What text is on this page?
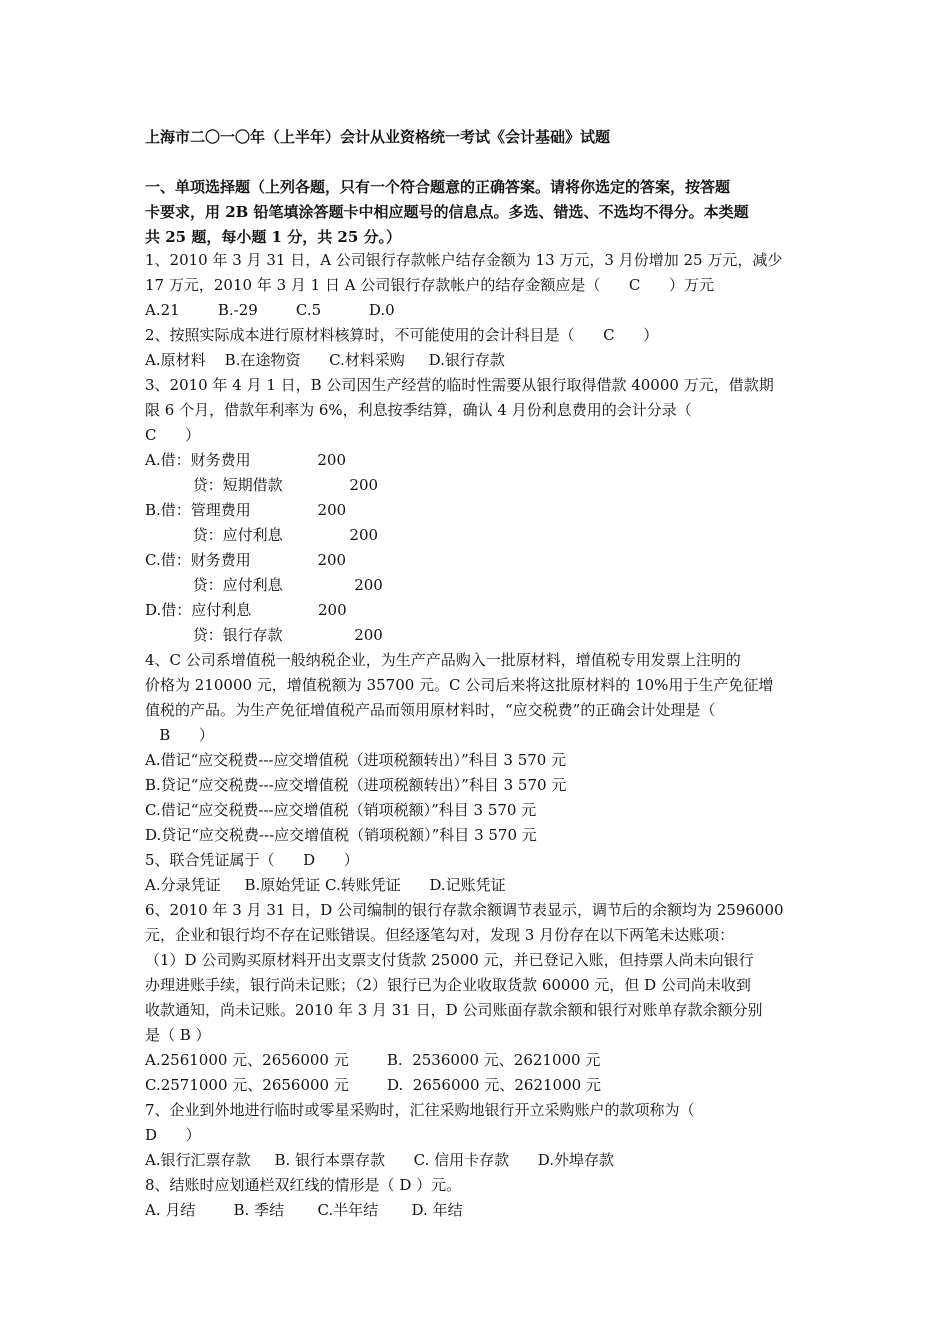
上海市二〇一〇年（上半年）会计从业资格统一考试《会计基础》试题
一、单项选择题（上列各题，只有一个符合题意的正确答案。请将你选定的答案，按答题
卡要求，用 2B 铅笔填涂答题卡中相应题号的信息点。多选、错选、不选均不得分。本类题
共 25 题，每小题 1 分，共 25 分。）
1、2010 年 3 月 31 日，A 公司银行存款帐户结存金额为 13 万元，3 月份增加 25 万元，减少
17 万元，2010 年 3 月 1 日 A 公司银行存款帐户的结存金额应是（      C      ）万元
A.21        B.-29        C.5          D.0
2、按照实际成本进行原材料核算时，不可能使用的会计科目是（      C      ）
A.原材料    B.在途物资      C.材料采购     D.银行存款
3、2010 年 4 月 1 日，B 公司因生产经营的临时性需要从银行取得借款 40000 万元，借款期
限 6 个月，借款年利率为 6%，利息按季结算，确认 4 月份利息费用的会计分录（
C      ）
A.借：财务费用              200
贷：短期借款              200
B.借：管理费用              200
贷：应付利息              200
C.借：财务费用              200
贷：应付利息               200
D.借：应付利息              200
贷：银行存款               200
4、C 公司系增值税一般纳税企业，为生产产品购入一批原材料，增值税专用发票上注明的
价格为 210000 元，增值税额为 35700 元。C 公司后来将这批原材料的 10%用于生产免征增
值税的产品。为生产免征增值税产品而领用原材料时，“应交税费”的正确会计处理是（
B      ）
A.借记“应交税费---应交增值税（进项税额转出）”科目 3 570 元
B.贷记“应交税费---应交增值税（进项税额转出）”科目 3 570 元
C.借记“应交税费---应交增值税（销项税额）”科目 3 570 元
D.贷记“应交税费---应交增值税（销项税额）”科目 3 570 元
5、联合凭证属于（      D      ）
A.分录凭证     B.原始凭证 C.转账凭证      D.记账凭证
6、2010 年 3 月 31 日，D 公司编制的银行存款余额调节表显示，调节后的余额均为 2596000
元，企业和银行均不存在记账错误。但经逐笔勾对，发现 3 月份存在以下两笔未达账项：
（1）D 公司购买原材料开出支票支付货款 25000 元，并已登记入账，但持票人尚未向银行
办理进账手续，银行尚未记账；（2）银行已为企业收取货款 60000 元，但 D 公司尚未收到
收款通知，尚未记账。2010 年 3 月 31 日，D 公司账面存款余额和银行对账单存款余额分别
是（ B ）
A.2561000 元、2656000 元        B.  2536000 元、2621000 元
C.2571000 元、2656000 元        D.  2656000 元、2621000 元
7、企业到外地进行临时或零星采购时，汇往采购地银行开立采购账户的款项称为（
D      ）
A.银行汇票存款     B. 银行本票存款      C. 信用卡存款      D.外埠存款
8、结账时应划通栏双红线的情形是（ D ）元。
A. 月结        B. 季结       C.半年结       D. 年结
